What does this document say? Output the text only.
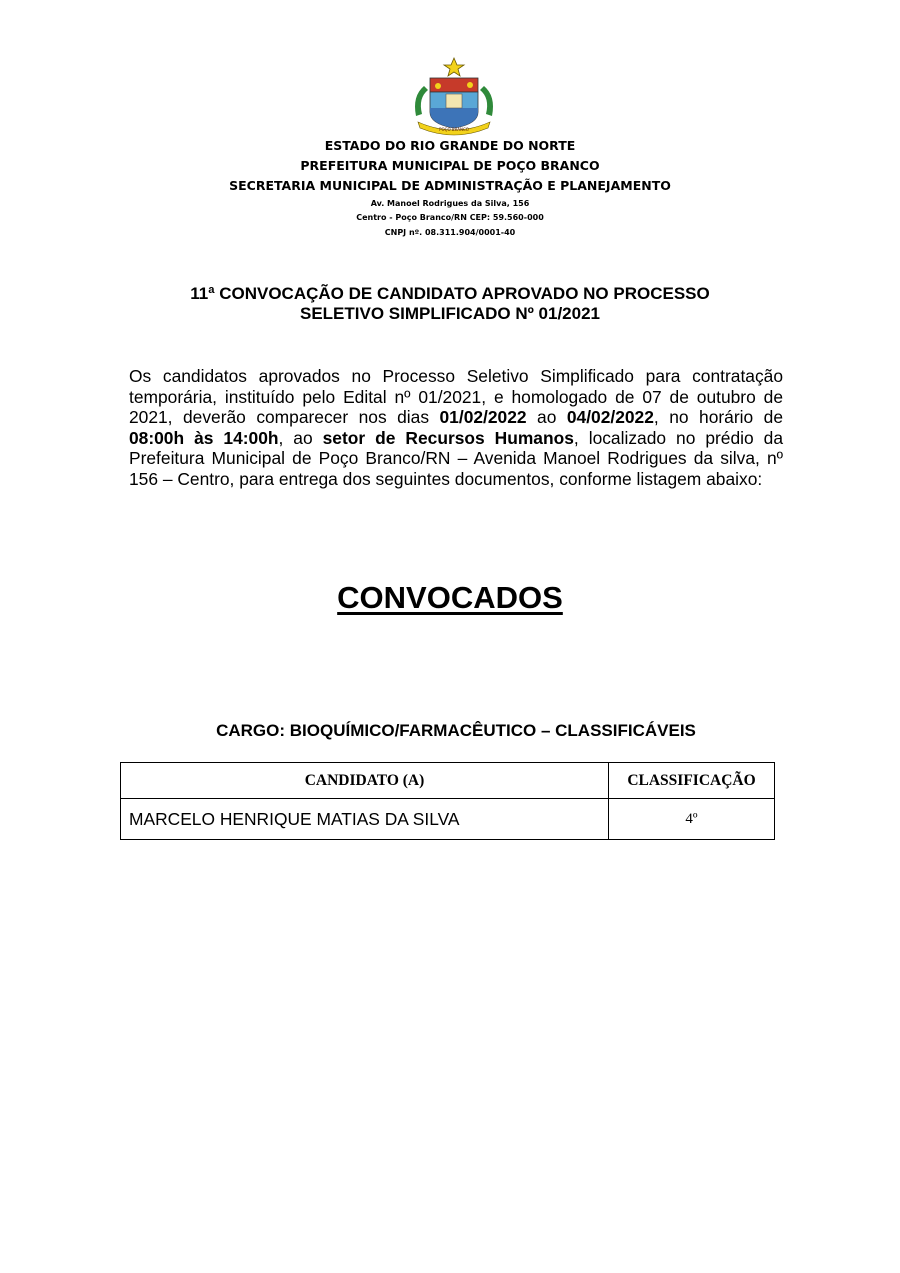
POÇO BRANCO
ESTADO DO RIO GRANDE DO NORTE
PREFEITURA MUNICIPAL DE POÇO BRANCO
SECRETARIA MUNICIPAL DE ADMINISTRAÇÃO E PLANEJAMENTO
Av. Manoel Rodrigues da Silva, 156
Centro - Poço Branco/RN CEP: 59.560-000
CNPJ nº. 08.311.904/0001-40
11ª CONVOCAÇÃO DE CANDIDATO APROVADO NO PROCESSO
SELETIVO SIMPLIFICADO Nº 01/2021

Os candidatos aprovados no Processo Seletivo Simplificado para contratação temporária, instituído pelo Edital nº 01/2021, e homologado de 07 de outubro de 2021, deverão comparecer nos dias 01/02/2022 ao 04/02/2022, no horário de 08:00h às 14:00h, ao setor de Recursos Humanos, localizado no prédio da Prefeitura Municipal de Poço Branco/RN – Avenida Manoel Rodrigues da silva, nº 156 – Centro, para entrega dos seguintes documentos, conforme listagem abaixo:

CONVOCADOS
CARGO: BIOQUÍMICO/FARMACÊUTICO – CLASSIFICÁVEIS
CANDIDATO (A)	CLASSIFICAÇÃO
MARCELO HENRIQUE MATIAS DA SILVA	4º
